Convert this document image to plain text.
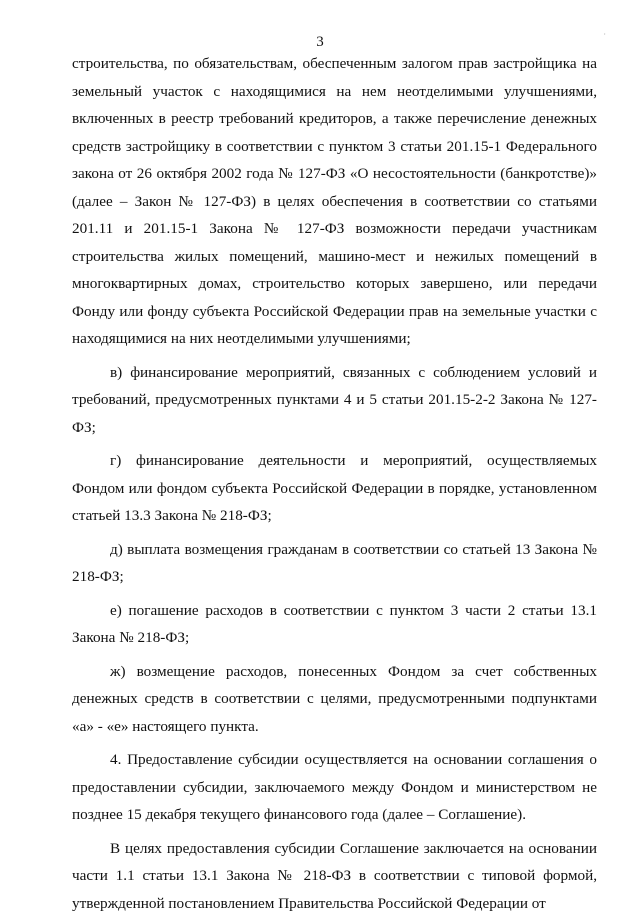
3	·

строительства, по обязательствам, обеспеченным залогом прав застройщика на земельный участок с находящимися на нем неотделимыми улучшениями, включенных в реестр требований кредиторов, а также перечисление денежных средств застройщику в соответствии с пунктом 3 статьи 201.15-1 Федерального закона от 26 октября 2002 года № 127-ФЗ «О несостоятельности (банкротстве)» (далее – Закон № 127-ФЗ) в целях обеспечения в соответствии со статьями 201.11 и 201.15-1 Закона № 127-ФЗ возможности передачи участникам строительства жилых помещений, машино-мест и нежилых помещений в многоквартирных домах, строительство которых завершено, или передачи Фонду или фонду субъекта Российской Федерации прав на земельные участки с находящимися на них неотделимыми улучшениями;

в) финансирование мероприятий, связанных с соблюдением условий и требований, предусмотренных пунктами 4 и 5 статьи 201.15-2-2 Закона № 127-ФЗ;

г) финансирование деятельности и мероприятий, осуществляемых Фондом или фондом субъекта Российской Федерации в порядке, установленном статьей 13.3 Закона № 218-ФЗ;

д) выплата возмещения гражданам в соответствии со статьей 13 Закона № 218-ФЗ;

е) погашение расходов в соответствии с пунктом 3 части 2 статьи 13.1 Закона № 218-ФЗ;

ж) возмещение расходов, понесенных Фондом за счет собственных денежных средств в соответствии с целями, предусмотренными подпунктами «а» - «е» настоящего пункта.

4. Предоставление субсидии осуществляется на основании соглашения о предоставлении субсидии, заключаемого между Фондом и министерством не позднее 15 декабря текущего финансового года (далее – Соглашение).

В целях предоставления субсидии Соглашение заключается на основании части 1.1 статьи 13.1 Закона № 218-ФЗ в соответствии с типовой формой, утвержденной постановлением Правительства Российской Федерации от
